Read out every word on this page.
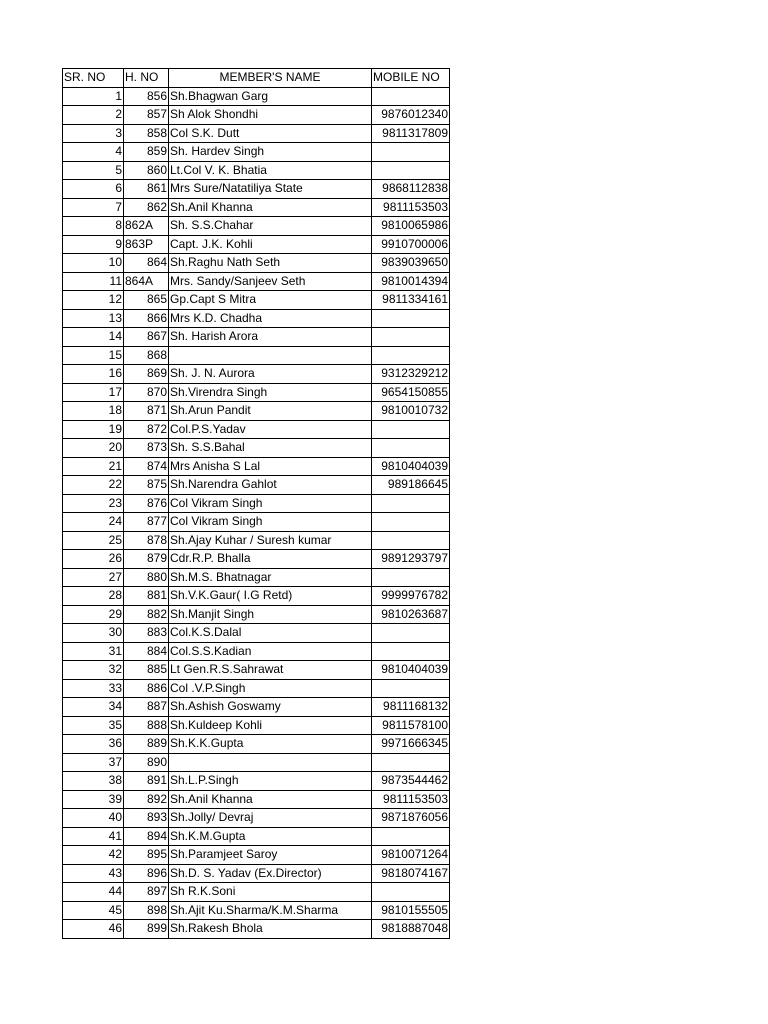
SR. NO	H. NO	MEMBER'S NAME	MOBILE NO
1	856	Sh.Bhagwan Garg	
2	857	Sh Alok Shondhi	9876012340
3	858	Col S.K. Dutt	9811317809
4	859	Sh. Hardev Singh	
5	860	Lt.Col V. K. Bhatia	
6	861	Mrs Sure/Natatiliya State	9868112838
7	862	Sh.Anil Khanna	9811153503
8	862A	Sh. S.S.Chahar	9810065986
9	863P	Capt. J.K. Kohli	9910700006
10	864	Sh.Raghu Nath Seth	9839039650
11	864A	Mrs. Sandy/Sanjeev Seth	9810014394
12	865	Gp.Capt S Mitra	9811334161
13	866	Mrs K.D. Chadha	
14	867	Sh. Harish Arora	
15	868		
16	869	Sh. J. N. Aurora	9312329212
17	870	Sh.Virendra Singh	9654150855
18	871	Sh.Arun Pandit	9810010732
19	872	Col.P.S.Yadav	
20	873	Sh. S.S.Bahal	
21	874	Mrs Anisha S Lal	9810404039
22	875	Sh.Narendra Gahlot	989186645
23	876	Col Vikram Singh	
24	877	Col Vikram Singh	
25	878	Sh.Ajay Kuhar / Suresh kumar	
26	879	Cdr.R.P. Bhalla	9891293797
27	880	Sh.M.S. Bhatnagar	
28	881	Sh.V.K.Gaur( I.G Retd)	9999976782
29	882	Sh.Manjit Singh	9810263687
30	883	Col.K.S.Dalal	
31	884	Col.S.S.Kadian	
32	885	Lt Gen.R.S.Sahrawat	9810404039
33	886	Col .V.P.Singh	
34	887	Sh.Ashish Goswamy	9811168132
35	888	Sh.Kuldeep Kohli	9811578100
36	889	Sh.K.K.Gupta	9971666345
37	890		
38	891	Sh.L.P.Singh	9873544462
39	892	Sh.Anil Khanna	9811153503
40	893	Sh.Jolly/ Devraj	9871876056
41	894	Sh.K.M.Gupta	
42	895	Sh.Paramjeet Saroy	9810071264
43	896	Sh.D. S. Yadav (Ex.Director)	9818074167
44	897	Sh R.K.Soni	
45	898	Sh.Ajit Ku.Sharma/K.M.Sharma	9810155505
46	899	Sh.Rakesh Bhola	9818887048
